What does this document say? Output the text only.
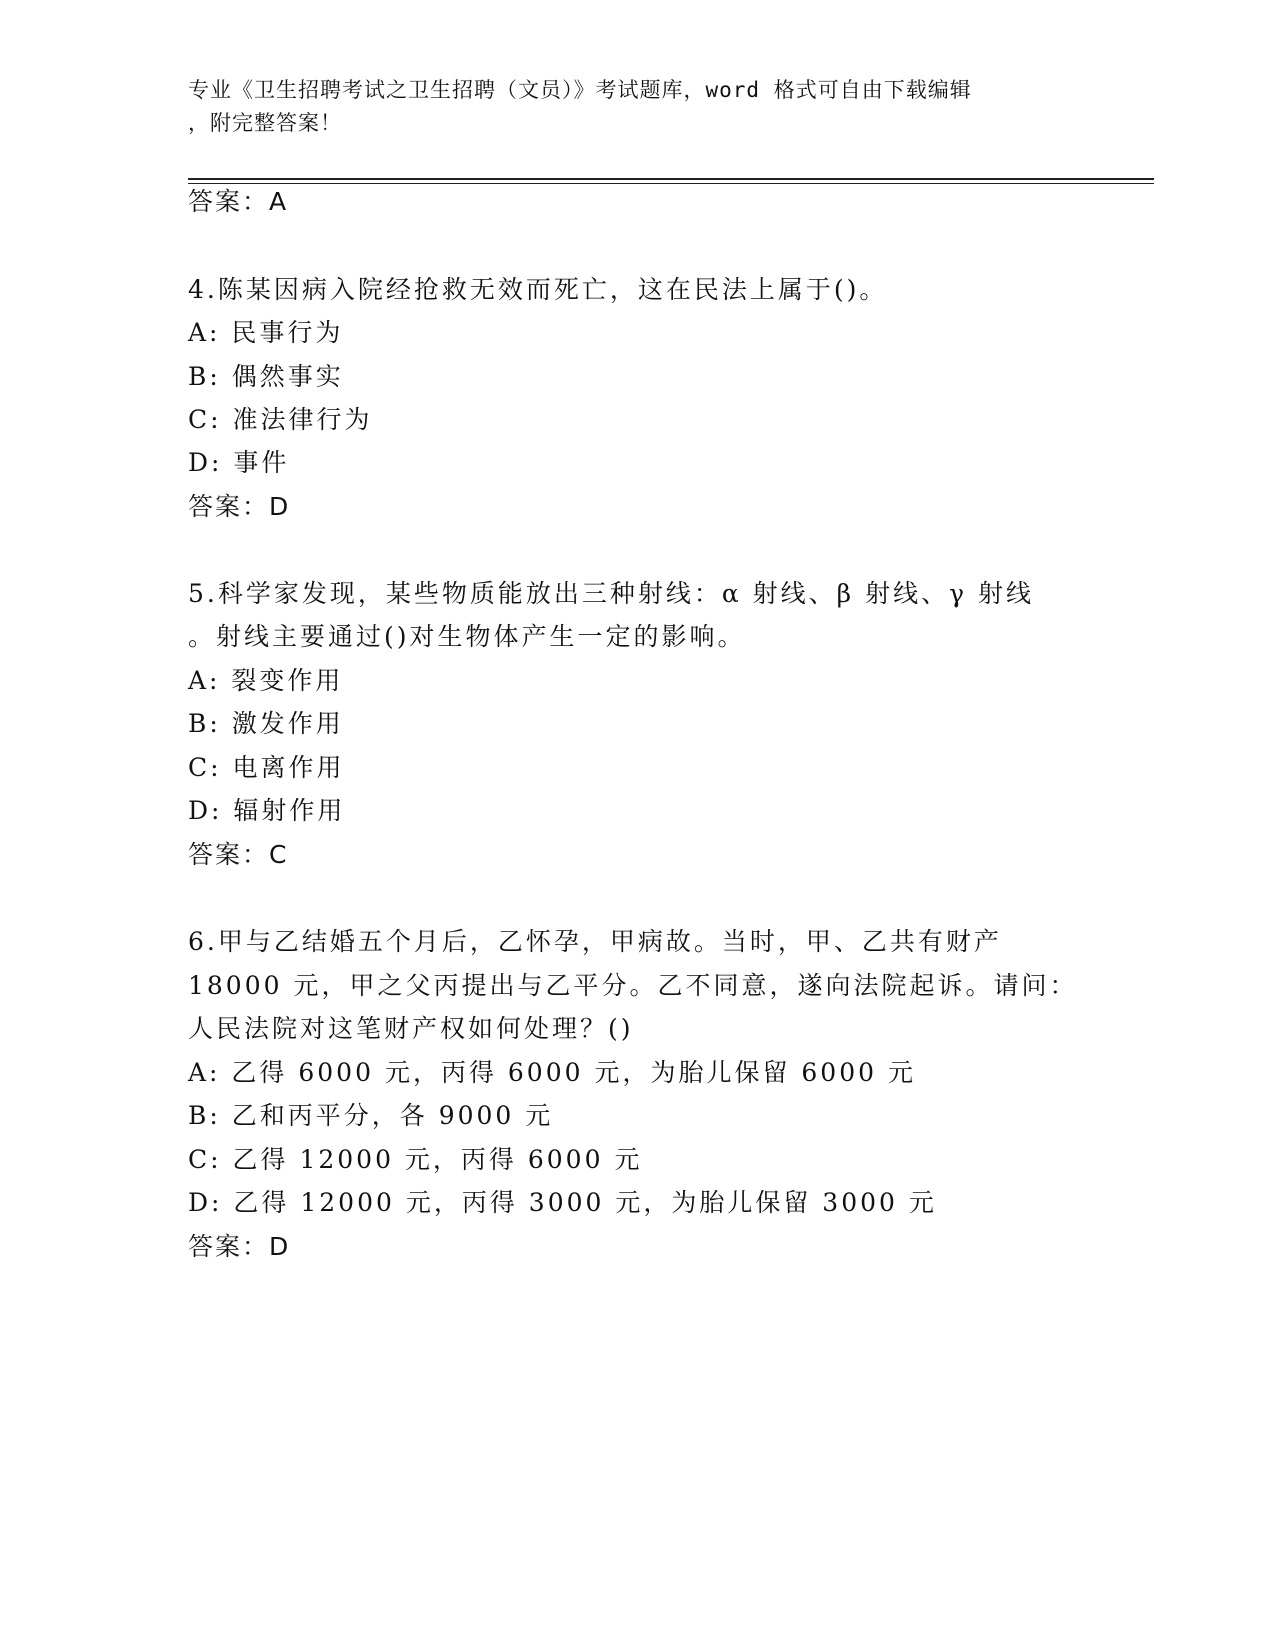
专业《卫生招聘考试之卫生招聘（文员）》考试题库，word 格式可自由下载编辑
，附完整答案！
答案：A
4.陈某因病入院经抢救无效而死亡，这在民法上属于()。
A: 民事行为
B: 偶然事实
C: 准法律行为
D: 事件
答案：D
5.科学家发现，某些物质能放出三种射线：α 射线、β 射线、γ 射线
。射线主要通过()对生物体产生一定的影响。
A: 裂变作用
B: 激发作用
C: 电离作用
D: 辐射作用
答案：C
6.甲与乙结婚五个月后，乙怀孕，甲病故。当时，甲、乙共有财产
18000 元，甲之父丙提出与乙平分。乙不同意，遂向法院起诉。请问：
人民法院对这笔财产权如何处理？()
A: 乙得 6000 元，丙得 6000 元，为胎儿保留 6000 元
B: 乙和丙平分，各 9000 元
C: 乙得 12000 元，丙得 6000 元
D: 乙得 12000 元，丙得 3000 元，为胎儿保留 3000 元
答案：D
